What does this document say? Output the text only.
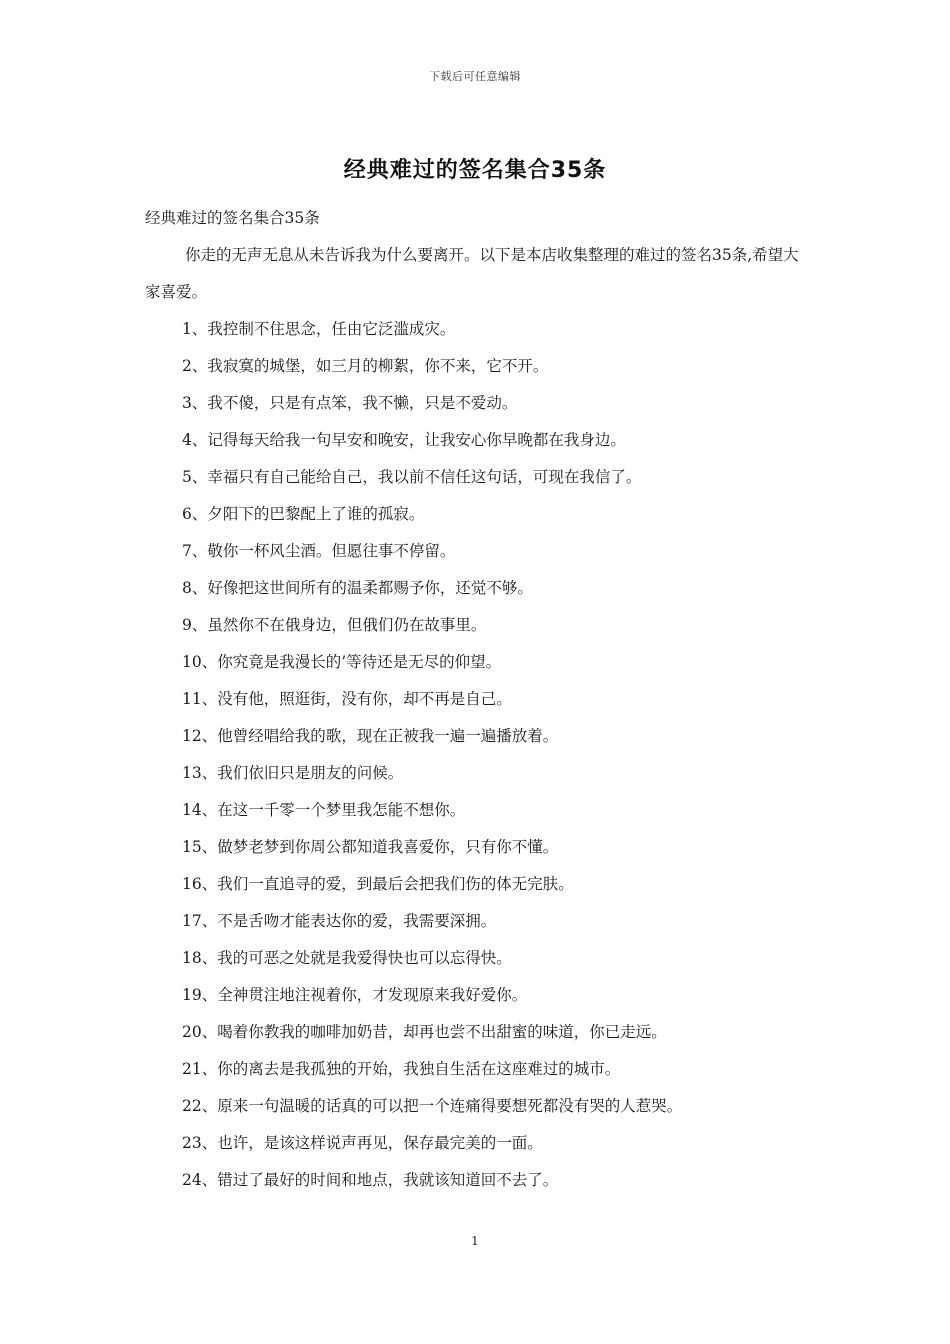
下载后可任意编辑
经典难过的签名集合35条

经典难过的签名集合35条

你走的无声无息从未告诉我为什么要离开。以下是本店收集整理的难过的签名35条,希望大家喜爱。

1、我控制不住思念，任由它泛滥成灾。
2、我寂寞的城堡，如三月的柳絮，你不来，它不开。
3、我不傻，只是有点笨，我不懒，只是不爱动。
4、记得每天给我一句早安和晚安，让我安心你早晚都在我身边。
5、幸福只有自己能给自己，我以前不信任这句话，可现在我信了。
6、夕阳下的巴黎配上了谁的孤寂。
7、敬你一杯风尘酒。但愿往事不停留。
8、好像把这世间所有的温柔都赐予你，还觉不够。
9、虽然你不在俄身边，但俄们仍在故事里。
10、你究竟是我漫长的’等待还是无尽的仰望。
11、没有他，照逛街，没有你，却不再是自己。
12、他曾经唱给我的歌，现在正被我一遍一遍播放着。
13、我们依旧只是朋友的问候。
14、在这一千零一个梦里我怎能不想你。
15、做梦老梦到你周公都知道我喜爱你，只有你不懂。
16、我们一直追寻的爱，到最后会把我们伤的体无完肤。
17、不是舌吻才能表达你的爱，我需要深拥。
18、我的可恶之处就是我爱得快也可以忘得快。
19、全神贯注地注视着你，才发现原来我好爱你。
20、喝着你教我的咖啡加奶昔，却再也尝不出甜蜜的味道，你已走远。
21、你的离去是我孤独的开始，我独自生活在这座难过的城市。
22、原来一句温暖的话真的可以把一个连痛得要想死都没有哭的人惹哭。
23、也许，是该这样说声再见，保存最完美的一面。
24、错过了最好的时间和地点，我就该知道回不去了。
1
